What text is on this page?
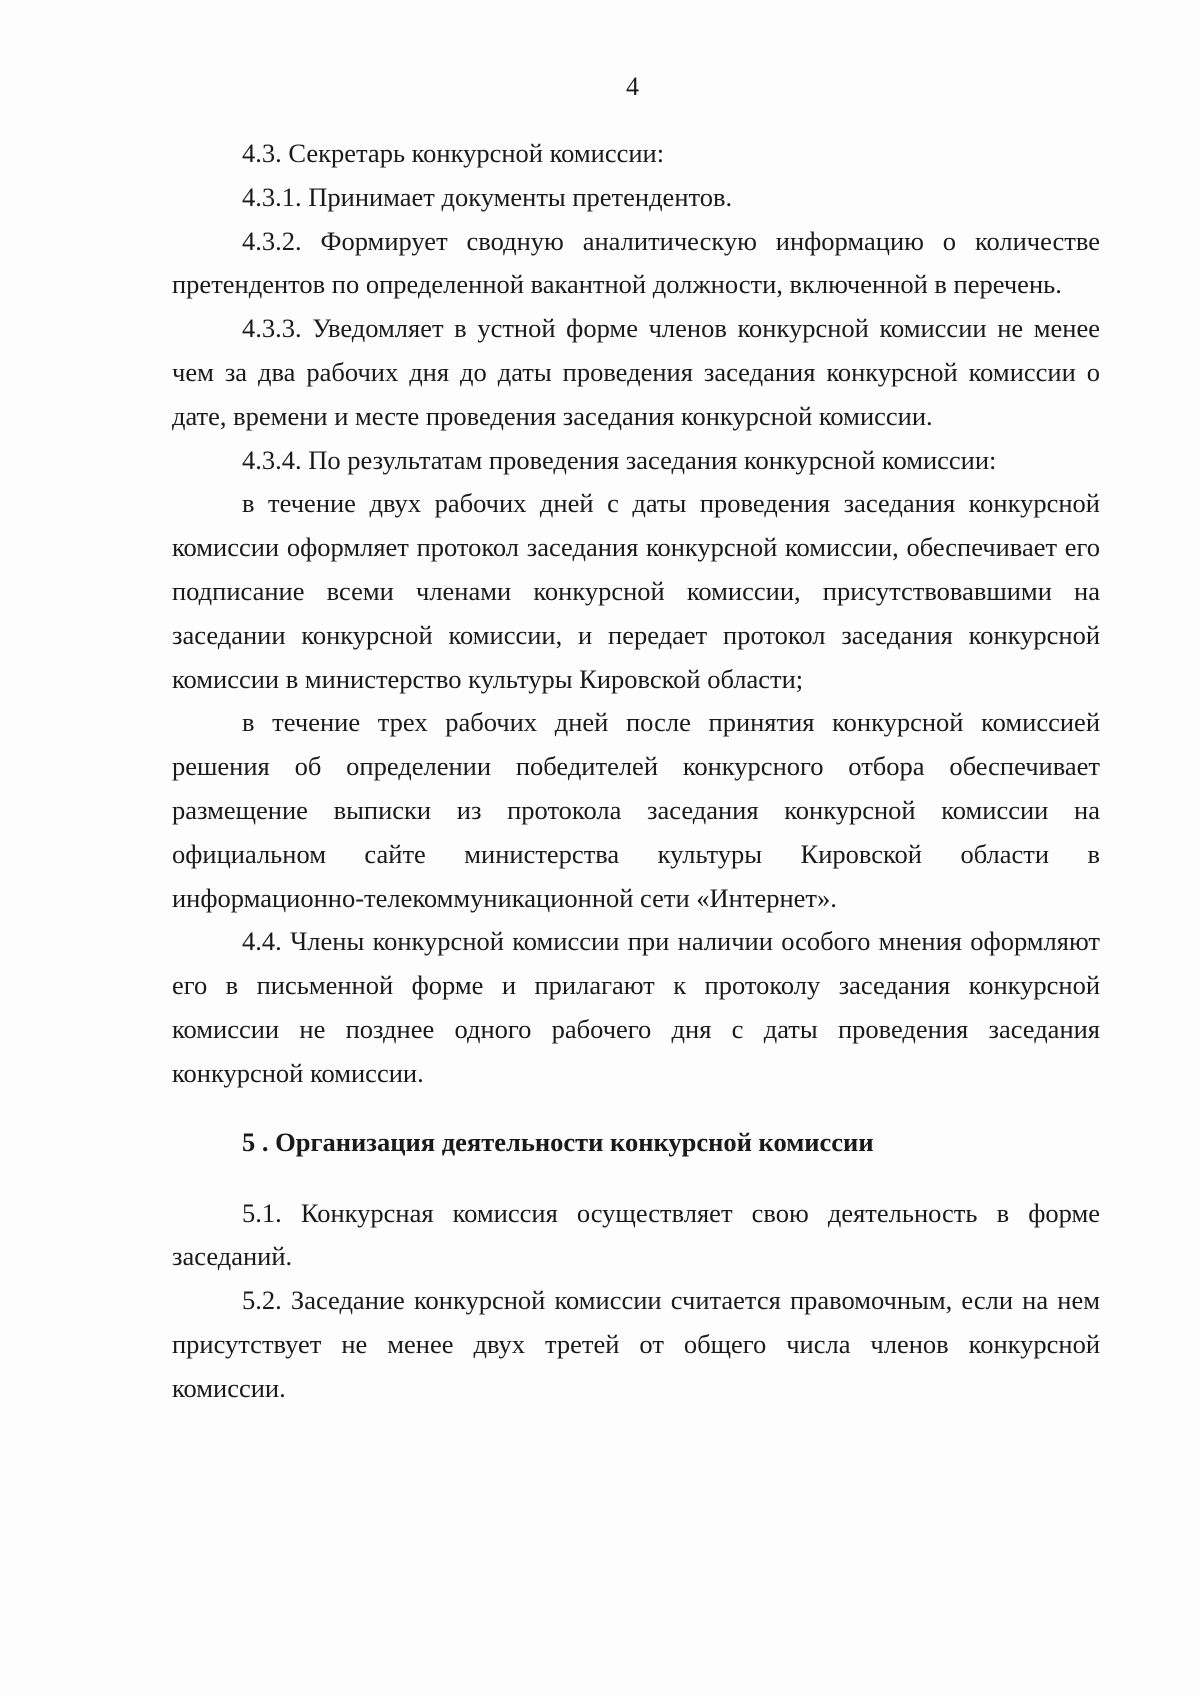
4

4.3. Секретарь конкурсной комиссии:

4.3.1. Принимает документы претендентов.

4.3.2. Формирует сводную аналитическую информацию о количестве претендентов по определенной вакантной должности, включенной в перечень.

4.3.3. Уведомляет в устной форме членов конкурсной комиссии не менее чем за два рабочих дня до даты проведения заседания конкурсной комиссии о дате, времени и месте проведения заседания конкурсной комиссии.

4.3.4. По результатам проведения заседания конкурсной комиссии:

в течение двух рабочих дней с даты проведения заседания конкурсной комиссии оформляет протокол заседания конкурсной комиссии, обеспечивает его подписание всеми членами конкурсной комиссии, присутствовавшими на заседании конкурсной комиссии, и передает протокол заседания конкурсной комиссии в министерство культуры Кировской области;

в течение трех рабочих дней после принятия конкурсной комиссией решения об определении победителей конкурсного отбора обеспечивает размещение выписки из протокола заседания конкурсной комиссии на официальном сайте министерства культуры Кировской области в информационно-телекоммуникационной сети «Интернет».

4.4. Члены конкурсной комиссии при наличии особого мнения оформляют его в письменной форме и прилагают к протоколу заседания конкурсной комиссии не позднее одного рабочего дня с даты проведения заседания конкурсной комиссии.

5 . Организация деятельности конкурсной комиссии

5.1. Конкурсная комиссия осуществляет свою деятельность в форме заседаний.

5.2. Заседание конкурсной комиссии считается правомочным, если на нем присутствует не менее двух третей от общего числа членов конкурсной комиссии.
